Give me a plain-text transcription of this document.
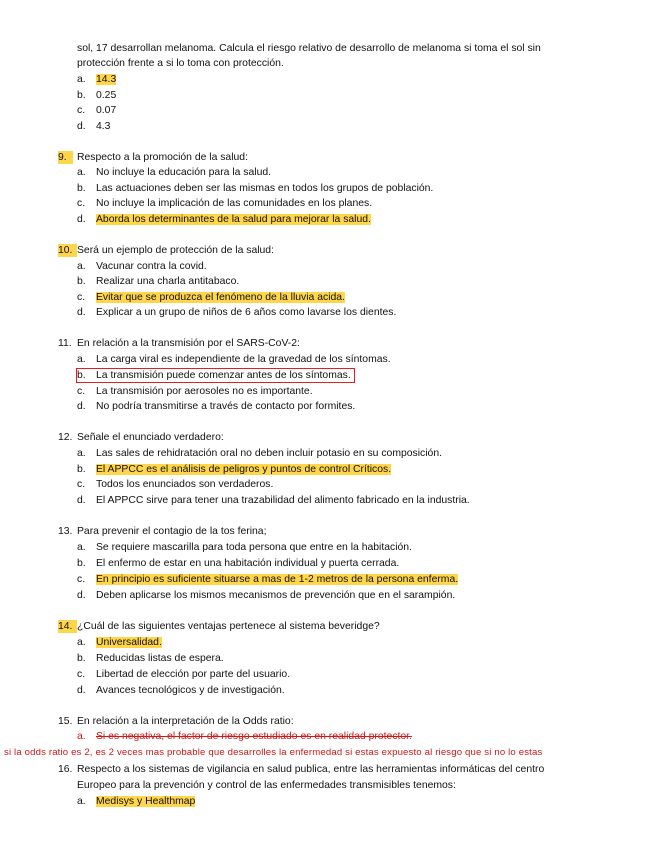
sol, 17 desarrollan melanoma. Calcula el riesgo relativo de desarrollo de melanoma si toma el sol sin
protección frente a si lo toma con protección.
a. 14.3
b. 0.25
c. 0.07
d. 4.3
9. Respecto a la promoción de la salud:
a. No incluye la educación para la salud.
b. Las actuaciones deben ser las mismas en todos los grupos de población.
c. No incluye la implicación de las comunidades en los planes.
d. Aborda los determinantes de la salud para mejorar la salud.
10. Será un ejemplo de protección de la salud:
a. Vacunar contra la covid.
b. Realizar una charla antitabaco.
c. Evitar que se produzca el fenómeno de la lluvia acida.
d. Explicar a un grupo de niños de 6 años como lavarse los dientes.
11. En relación a la transmisión por el SARS-CoV-2:
a. La carga viral es independiente de la gravedad de los síntomas.
b. La transmisión puede comenzar antes de los síntomas.
c. La transmisión por aerosoles no es importante.
d. No podría transmitirse a través de contacto por formites.
12. Señale el enunciado verdadero:
a. Las sales de rehidratación oral no deben incluir potasio en su composición.
b. El APPCC es el análisis de peligros y puntos de control Críticos.
c. Todos los enunciados son verdaderos.
d. El APPCC sirve para tener una trazabilidad del alimento fabricado en la industria.
13. Para prevenir el contagio de la tos ferina;
a. Se requiere mascarilla para toda persona que entre en la habitación.
b. El enfermo de estar en una habitación individual y puerta cerrada.
c. En principio es suficiente situarse a mas de 1-2 metros de la persona enferma.
d. Deben aplicarse los mismos mecanismos de prevención que en el sarampión.
14. ¿Cuál de las siguientes ventajas pertenece al sistema beveridge?
a. Universalidad.
b. Reducidas listas de espera.
c. Libertad de elección por parte del usuario.
d. Avances tecnológicos y de investigación.
15. En relación a la interpretación de la Odds ratio:
a. Si es negativa, el factor de riesgo estudiado es en realidad protector.
si la odds ratio es 2, es 2 veces mas probable que desarrolles la enfermedad si estas expuesto al riesgo que si no lo estas
16. Respecto a los sistemas de vigilancia en salud publica, entre las herramientas informáticas del centro
Europeo para la prevención y control de las enfermedades transmisibles tenemos:
a. Medisys y Healthmap
